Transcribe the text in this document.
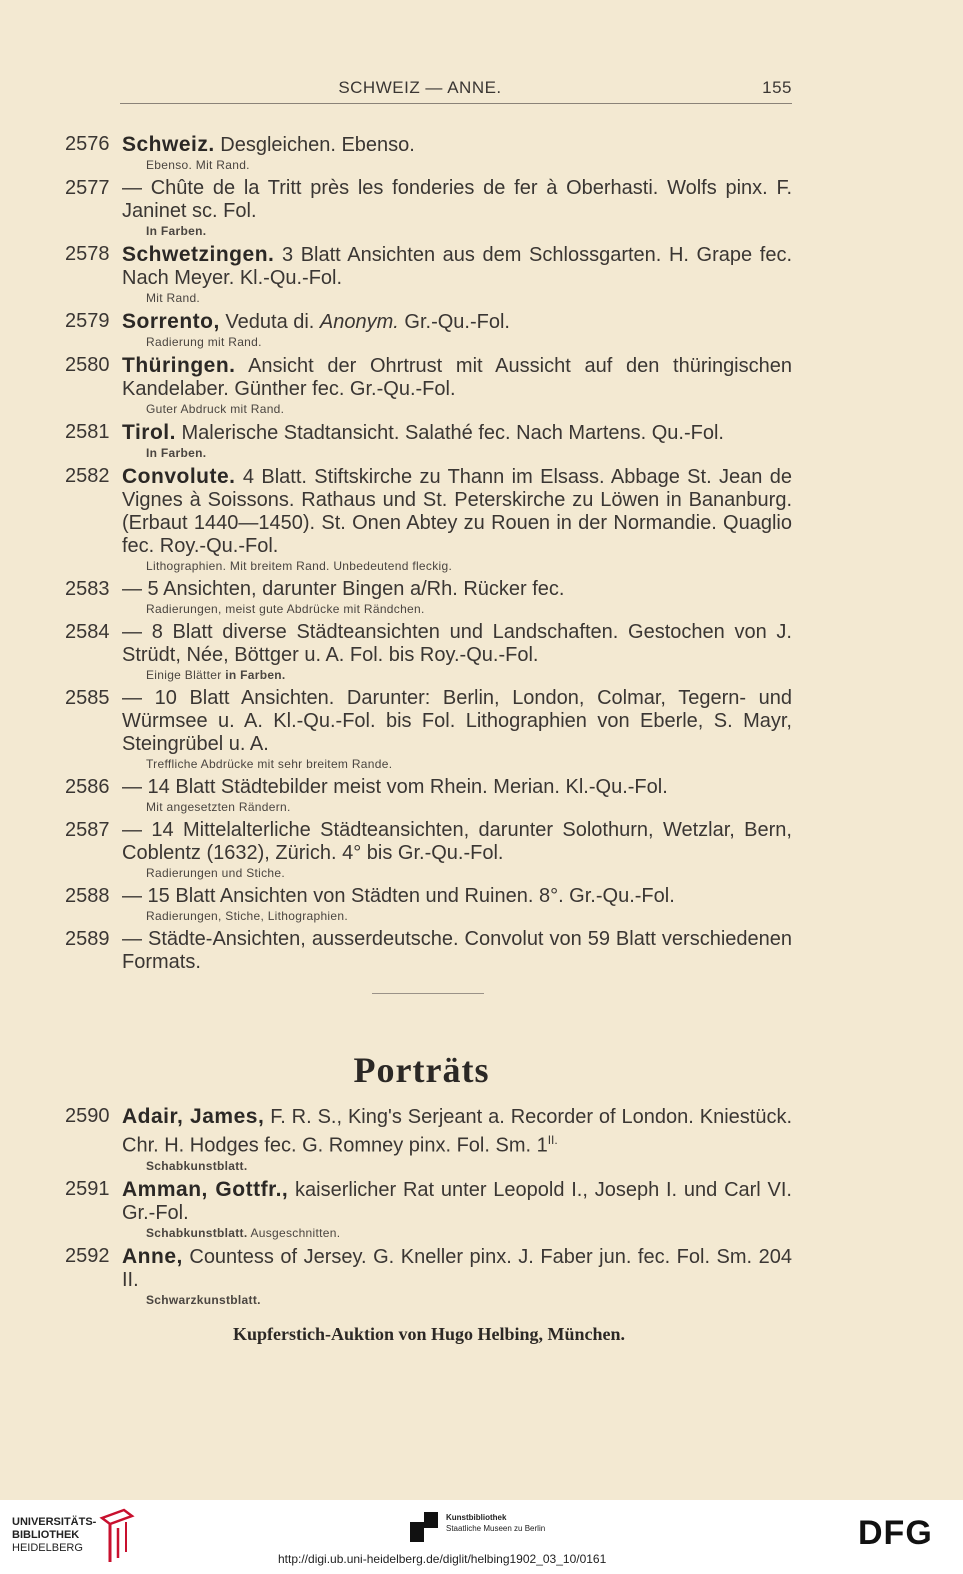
SCHWEIZ — ANNE.	155
2576 Schweiz. Desgleichen. Ebenso.
Ebenso. Mit Rand.
2577 — Chûte de la Tritt près les fonderies de fer à Oberhasti. Wolfs pinx. F. Janinet sc. Fol.
In Farben.
2578 Schwetzingen. 3 Blatt Ansichten aus dem Schlossgarten. H. Grape fec. Nach Meyer. Kl.-Qu.-Fol.
Mit Rand.
2579 Sorrento, Veduta di. Anonym. Gr.-Qu.-Fol.
Radierung mit Rand.
2580 Thüringen. Ansicht der Ohrtrust mit Aussicht auf den thüringischen Kandelaber. Günther fec. Gr.-Qu.-Fol.
Guter Abdruck mit Rand.
2581 Tirol. Malerische Stadtansicht. Salathé fec. Nach Martens. Qu.-Fol.
In Farben.
2582 Convolute. 4 Blatt. Stiftskirche zu Thann im Elsass. Abbage St. Jean de Vignes à Soissons. Rathaus und St. Peterskirche zu Löwen in Bananburg. (Erbaut 1440—1450). St. Onen Abtey zu Rouen in der Normandie. Quaglio fec. Roy.-Qu.-Fol.
Lithographien. Mit breitem Rand. Unbedeutend fleckig.
2583 — 5 Ansichten, darunter Bingen a/Rh. Rücker fec.
Radierungen, meist gute Abdrücke mit Rändchen.
2584 — 8 Blatt diverse Städteansichten und Landschaften. Gestochen von J. Strüdt, Née, Böttger u. A. Fol. bis Roy.-Qu.-Fol.
Einige Blätter in Farben.
2585 — 10 Blatt Ansichten. Darunter: Berlin, London, Colmar, Tegern- und Würmsee u. A. Kl.-Qu.-Fol. bis Fol. Lithographien von Eberle, S. Mayr, Steingrübel u. A.
Treffliche Abdrücke mit sehr breitem Rande.
2586 — 14 Blatt Städtebilder meist vom Rhein. Merian. Kl.-Qu.-Fol.
Mit angesetzten Rändern.
2587 — 14 Mittelalterliche Städteansichten, darunter Solothurn, Wetzlar, Bern, Coblentz (1632), Zürich. 4° bis Gr.-Qu.-Fol.
Radierungen und Stiche.
2588 — 15 Blatt Ansichten von Städten und Ruinen. 8°. Gr.-Qu.-Fol.
Radierungen, Stiche, Lithographien.
2589 — Städte-Ansichten, ausserdeutsche. Convolut von 59 Blatt verschiedenen Formats.
Porträts
2590 Adair, James, F. R. S., King's Serjeant a. Recorder of London. Kniestück. Chr. H. Hodges fec. G. Romney pinx. Fol. Sm. $1^{II.}$
Schabkunstblatt.
2591 Amman, Gottfr., kaiserlicher Rat unter Leopold I., Joseph I. und Carl VI. Gr.-Fol.
Schabkunstblatt. Ausgeschnitten.
2592 Anne, Countess of Jersey. G. Kneller pinx. J. Faber jun. fec. Fol. Sm. 204 II.
Schwarzkunstblatt.
Kupferstich-Auktion von Hugo Helbing, München.
UNIVERSITÄTS-
BIBLIOTHEK
HEIDELBERG
Kunstbibliothek
Staatliche Museen zu Berlin	DFG
http://digi.ub.uni-heidelberg.de/diglit/helbing1902_03_10/0161
